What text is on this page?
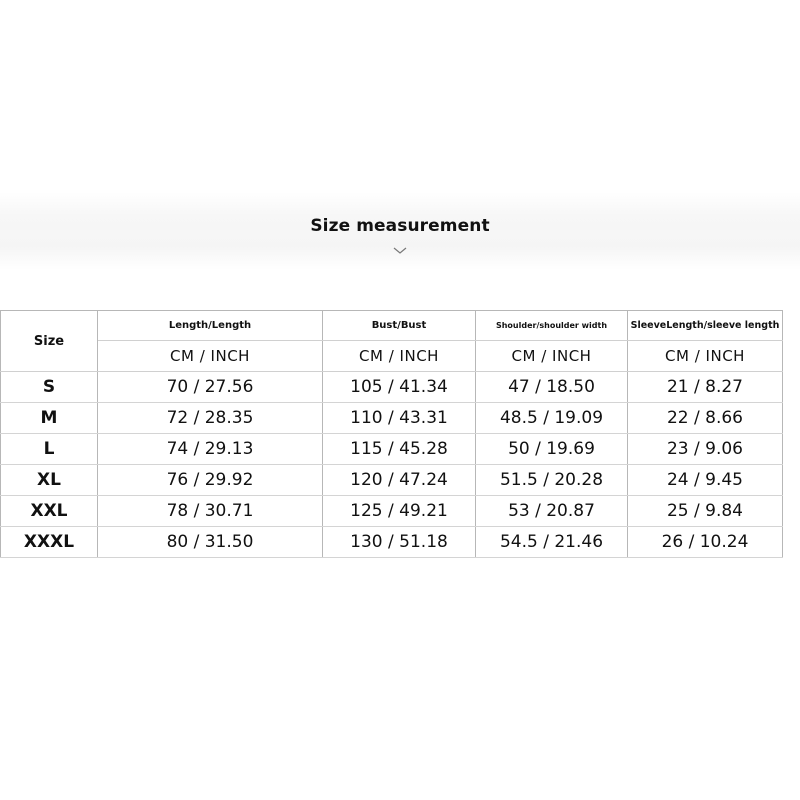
Size measurement
Size	Length/Length	Bust/Bust	Shoulder/shoulder width	SleeveLength/sleeve length
	CM / INCH	CM / INCH	CM / INCH	CM / INCH
S	70 / 27.56	105 / 41.34	47 / 18.50	21 / 8.27
M	72 / 28.35	110 / 43.31	48.5 / 19.09	22 / 8.66
L	74 / 29.13	115 / 45.28	50 / 19.69	23 / 9.06
XL	76 / 29.92	120 / 47.24	51.5 / 20.28	24 / 9.45
XXL	78 / 30.71	125 / 49.21	53 / 20.87	25 / 9.84
XXXL	80 / 31.50	130 / 51.18	54.5 / 21.46	26 / 10.24
